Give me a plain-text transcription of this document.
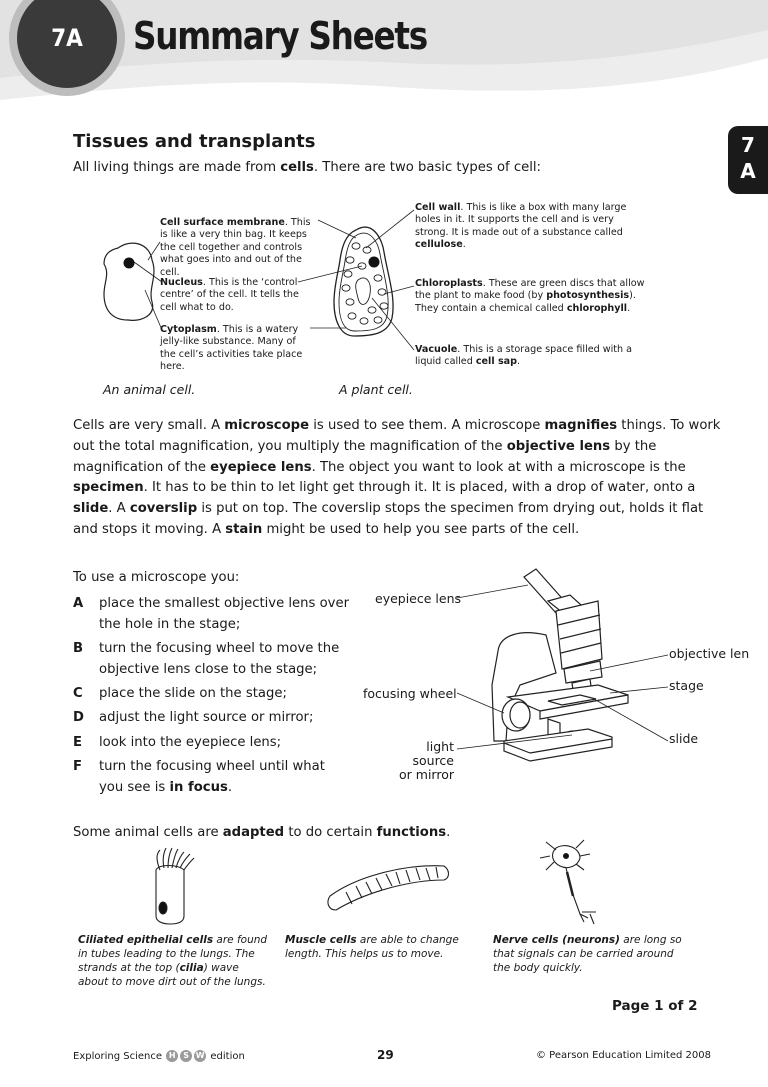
7A	Summary Sheets
7
A
Tissues and transplants
All living things are made from cells. There are two basic types of cell:
Cell surface membrane. This is like a very thin bag. It keeps the cell together and controls what goes into and out of the cell.
Nucleus. This is the ‘control centre’ of the cell. It tells the cell what to do.
Cytoplasm. This is a watery jelly-like substance. Many of the cell’s activities take place here.
Cell wall. This is like a box with many large holes in it. It supports the cell and is very strong. It is made out of a substance called cellulose.
Chloroplasts. These are green discs that allow the plant to make food (by photosynthesis). They contain a chemical called chlorophyll.
Vacuole. This is a storage space filled with a liquid called cell sap.
An animal cell.	A plant cell.
Cells are very small. A microscope is used to see them. A microscope magnifies things. To work out the total magnification, you multiply the magnification of the objective lens by the magnification of the eyepiece lens. The object you want to look at with a microscope is the specimen. It has to be thin to let light get through it. It is placed, with a drop of water, onto a slide. A coverslip is put on top. The coverslip stops the specimen from drying out, holds it flat and stops it moving. A stain might be used to help you see parts of the cell.
To use a microscope you:
A place the smallest objective lens over the hole in the stage;
B turn the focusing wheel to move the objective lens close to the stage;
C place the slide on the stage;
D adjust the light source or mirror;
E look into the eyepiece lens;
F turn the focusing wheel until what you see is in focus.
eyepiece lens
focusing wheel
light source
or mirror
objective len
stage
slide
Some animal cells are adapted to do certain functions.
Ciliated epithelial cells are found in tubes leading to the lungs. The strands at the top (cilia) wave about to move dirt out of the lungs.
Muscle cells are able to change length. This helps us to move.
Nerve cells (neurons) are long so that signals can be carried around the body quickly.
Page 1 of 2
Exploring Science H S W edition	29	© Pearson Education Limited 2008
